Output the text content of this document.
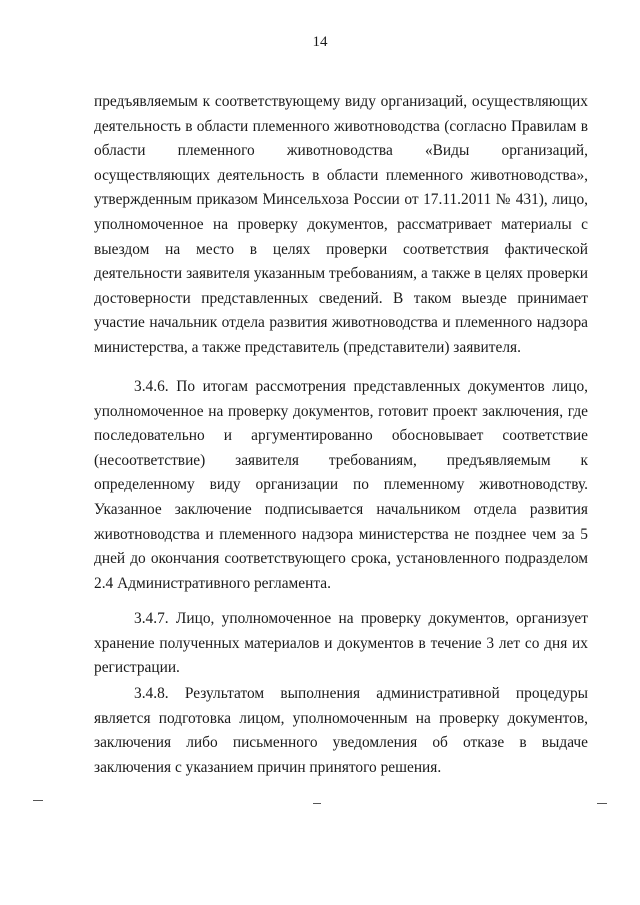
14

предъявляемым к соответствующему виду организаций, осуществляющих деятельность в области племенного животноводства (согласно Правилам в области племенного животноводства «Виды организаций, осуществляющих деятельность в области племенного животноводства», утвержденным приказом Минсельхоза России от 17.11.2011 № 431), лицо, уполномоченное на проверку документов, рассматривает материалы с выездом на место в целях проверки соответствия фактической деятельности заявителя указанным требованиям, а также в целях проверки достоверности представленных сведений. В таком выезде принимает участие начальник отдела развития животноводства и племенного надзора министерства, а также представитель (представители) заявителя.

3.4.6. По итогам рассмотрения представленных документов лицо, уполномоченное на проверку документов, готовит проект заключения, где последовательно и аргументированно обосновывает соответствие (несоответствие) заявителя требованиям, предъявляемым к определенному виду организации по племенному животноводству. Указанное заключение подписывается начальником отдела развития животноводства и племенного надзора министерства не позднее чем за 5 дней до окончания соответствующего срока, установленного подразделом 2.4 Административного регламента.

3.4.7. Лицо, уполномоченное на проверку документов, организует хранение полученных материалов и документов в течение 3 лет со дня их регистрации.

3.4.8. Результатом выполнения административной процедуры является подготовка лицом, уполномоченным на проверку документов, заключения либо письменного уведомления об отказе в выдаче заключения с указанием причин принятого решения.
